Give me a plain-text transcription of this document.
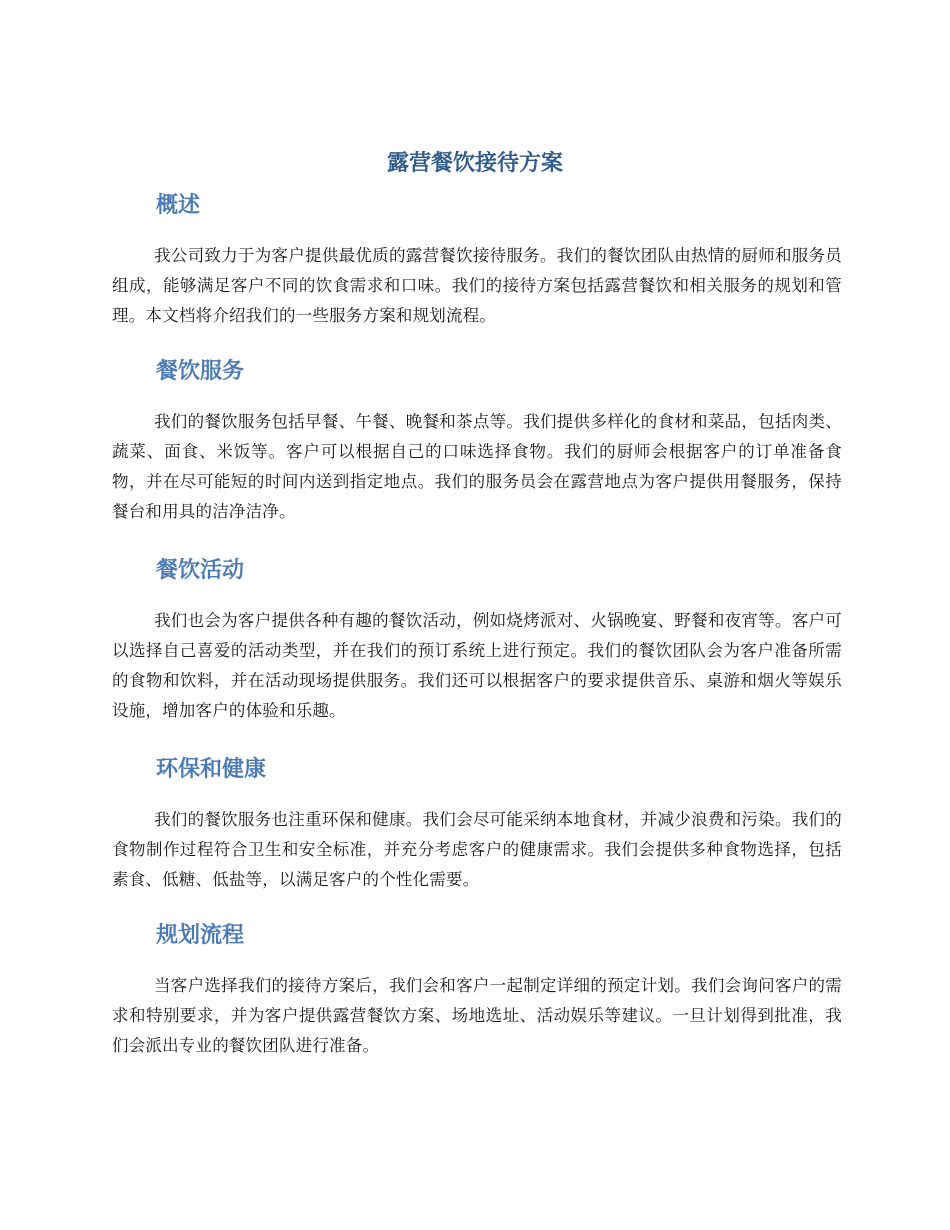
露营餐饮接待方案
概述

我公司致力于为客户提供最优质的露营餐饮接待服务。我们的餐饮团队由热情的厨师和服务员组成，能够满足客户不同的饮食需求和口味。我们的接待方案包括露营餐饮和相关服务的规划和管理。本文档将介绍我们的一些服务方案和规划流程。

餐饮服务

我们的餐饮服务包括早餐、午餐、晚餐和茶点等。我们提供多样化的食材和菜品，包括肉类、蔬菜、面食、米饭等。客户可以根据自己的口味选择食物。我们的厨师会根据客户的订单准备食物，并在尽可能短的时间内送到指定地点。我们的服务员会在露营地点为客户提供用餐服务，保持餐台和用具的洁净洁净。

餐饮活动

我们也会为客户提供各种有趣的餐饮活动，例如烧烤派对、火锅晚宴、野餐和夜宵等。客户可以选择自己喜爱的活动类型，并在我们的预订系统上进行预定。我们的餐饮团队会为客户准备所需的食物和饮料，并在活动现场提供服务。我们还可以根据客户的要求提供音乐、桌游和烟火等娱乐设施，增加客户的体验和乐趣。

环保和健康

我们的餐饮服务也注重环保和健康。我们会尽可能采纳本地食材，并减少浪费和污染。我们的食物制作过程符合卫生和安全标准，并充分考虑客户的健康需求。我们会提供多种食物选择，包括素食、低糖、低盐等，以满足客户的个性化需要。

规划流程

当客户选择我们的接待方案后，我们会和客户一起制定详细的预定计划。我们会询问客户的需求和特别要求，并为客户提供露营餐饮方案、场地选址、活动娱乐等建议。一旦计划得到批准，我们会派出专业的餐饮团队进行准备。
